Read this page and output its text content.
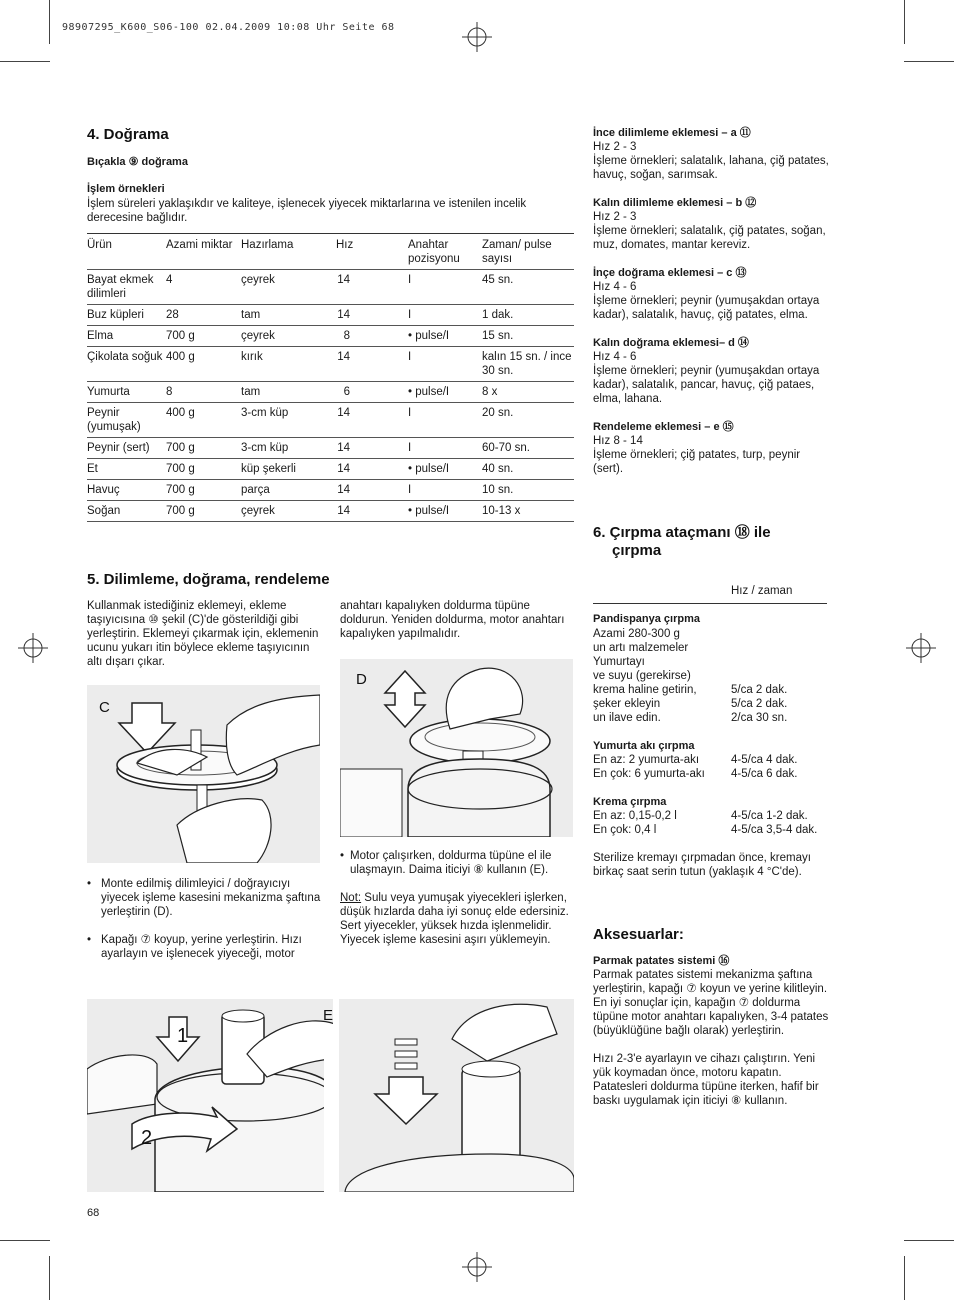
98907295_K600_S06-100 02.04.2009 10:08 Uhr Seite 68
4. Doğrama
Bıçakla ⑨ doğrama
İşlem örnekleri
İşlem süreleri yaklaşıkdır ve kaliteye, işlenecek yiyecek miktarlarına ve istenilen incelik derecesine bağlıdır.
Ürün	Azami miktar	Hazırlama	Hız	Anahtar pozisyonu	Zaman/ pulse sayısı
Bayat ekmek dilimleri	4	çeyrek	14	I	45 sn.
Buz küpleri	28	tam	14	I	1 dak.
Elma	700 g	çeyrek	8	• pulse/I	15 sn.
Çikolata soğuk	400 g	kırık	14	I	kalın 15 sn. / ince 30 sn.
Yumurta	8	tam	6	• pulse/I	8 x
Peynir (yumuşak)	400 g	3-cm küp	14	I	20 sn.
Peynir (sert)	700 g	3-cm küp	14	I	60-70 sn.
Et	700 g	küp şekerli	14	• pulse/I	40 sn.
Havuç	700 g	parça	14	I	10 sn.
Soğan	700 g	çeyrek	14	• pulse/I	10-13 x
5. Dilimleme, doğrama, rendeleme
Kullanmak istediğiniz eklemeyi, ekleme taşıyıcısına ⑩ şekil (C)'de gösterildiği gibi yerleştirin. Eklemeyi çıkarmak için, eklemenin ucunu yukarı itin böylece ekleme taşıyıcının altı dışarı çıkar.
anahtarı kapalıyken doldurma tüpüne doldurun. Yeniden doldurma, motor anahtarı kapalıyken yapılmalıdır.
C
D
• Monte edilmiş dilimleyici / doğrayıcıyı yiyecek işleme kasesini mekanizma şaftına yerleştirin (D).
• Kapağı ⑦ koyup, yerine yerleştirin. Hızı ayarlayın ve işlenecek yiyeceği, motor
• Motor çalışırken, doldurma tüpüne el ile ulaşmayın. Daima iticiyi ⑧ kullanın (E).
Not: Sulu veya yumuşak yiyecekleri işlerken, düşük hızlarda daha iyi sonuç elde edersiniz. Sert yiyecekler, yüksek hızda işlenmelidir. Yiyecek işleme kasesini aşırı yüklemeyin.
E
1
2
68
İnce dilimleme eklemesi – a ⑪
Hız 2 - 3
İşleme örnekleri; salatalık, lahana, çiğ patates, havuç, soğan, sarımsak.
Kalın dilimleme eklemesi – b ⑫
Hız 2 - 3
İşleme örnekleri; salatalık, çiğ patates, soğan, muz, domates, mantar kereviz.
İnçe doğrama eklemesi – c ⑬
Hız 4 - 6
İşleme örnekleri; peynir (yumuşakdan ortaya kadar), salatalık, havuç, çiğ patates, elma.
Kalın doğrama eklemesi– d ⑭
Hız 4 - 6
İşleme örnekleri; peynir (yumuşakdan ortaya kadar), salatalık, pancar, havuç, çiğ pataes, elma, lahana.
Rendeleme eklemesi – e ⑮
Hız 8 - 14
İşleme örnekleri; çiğ patates, turp, peynir (sert).
6. Çırpma ataçmanı ⑱ ile
çırpma
Hız / zaman
Pandispanya çırpma
Azami 280-300 g
un artı malzemeler
Yumurtayı
ve suyu (gerekirse)
krema haline getirin,	5/ca 2 dak.
şeker ekleyin	5/ca 2 dak.
un ilave edin.	2/ca 30 sn.
Yumurta akı çırpma
En az: 2 yumurta-akı	4-5/ca 4 dak.
En çok: 6 yumurta-akı	4-5/ca 6 dak.
Krema çırpma
En az: 0,15-0,2 l	4-5/ca 1-2 dak.
En çok: 0,4 l	4-5/ca 3,5-4 dak.
Sterilize kremayı çırpmadan önce, kremayı birkaç saat serin tutun (yaklaşık 4 °C'de).
Aksesuarlar:
Parmak patates sistemi ⑯
Parmak patates sistemi mekanizma şaftına yerleştirin, kapağı ⑦ koyun ve yerine kilitleyin. En iyi sonuçlar için, kapağın ⑦ doldurma tüpüne motor anahtarı kapalıyken, 3-4 patates (büyüklüğüne bağlı olarak) yerleştirin.
Hızı 2-3'e ayarlayın ve cihazı çalıştırın. Yeni yük koymadan önce, motoru kapatın. Patatesleri doldurma tüpüne iterken, hafif bir baskı uygulamak için iticiyi ⑧ kullanın.
